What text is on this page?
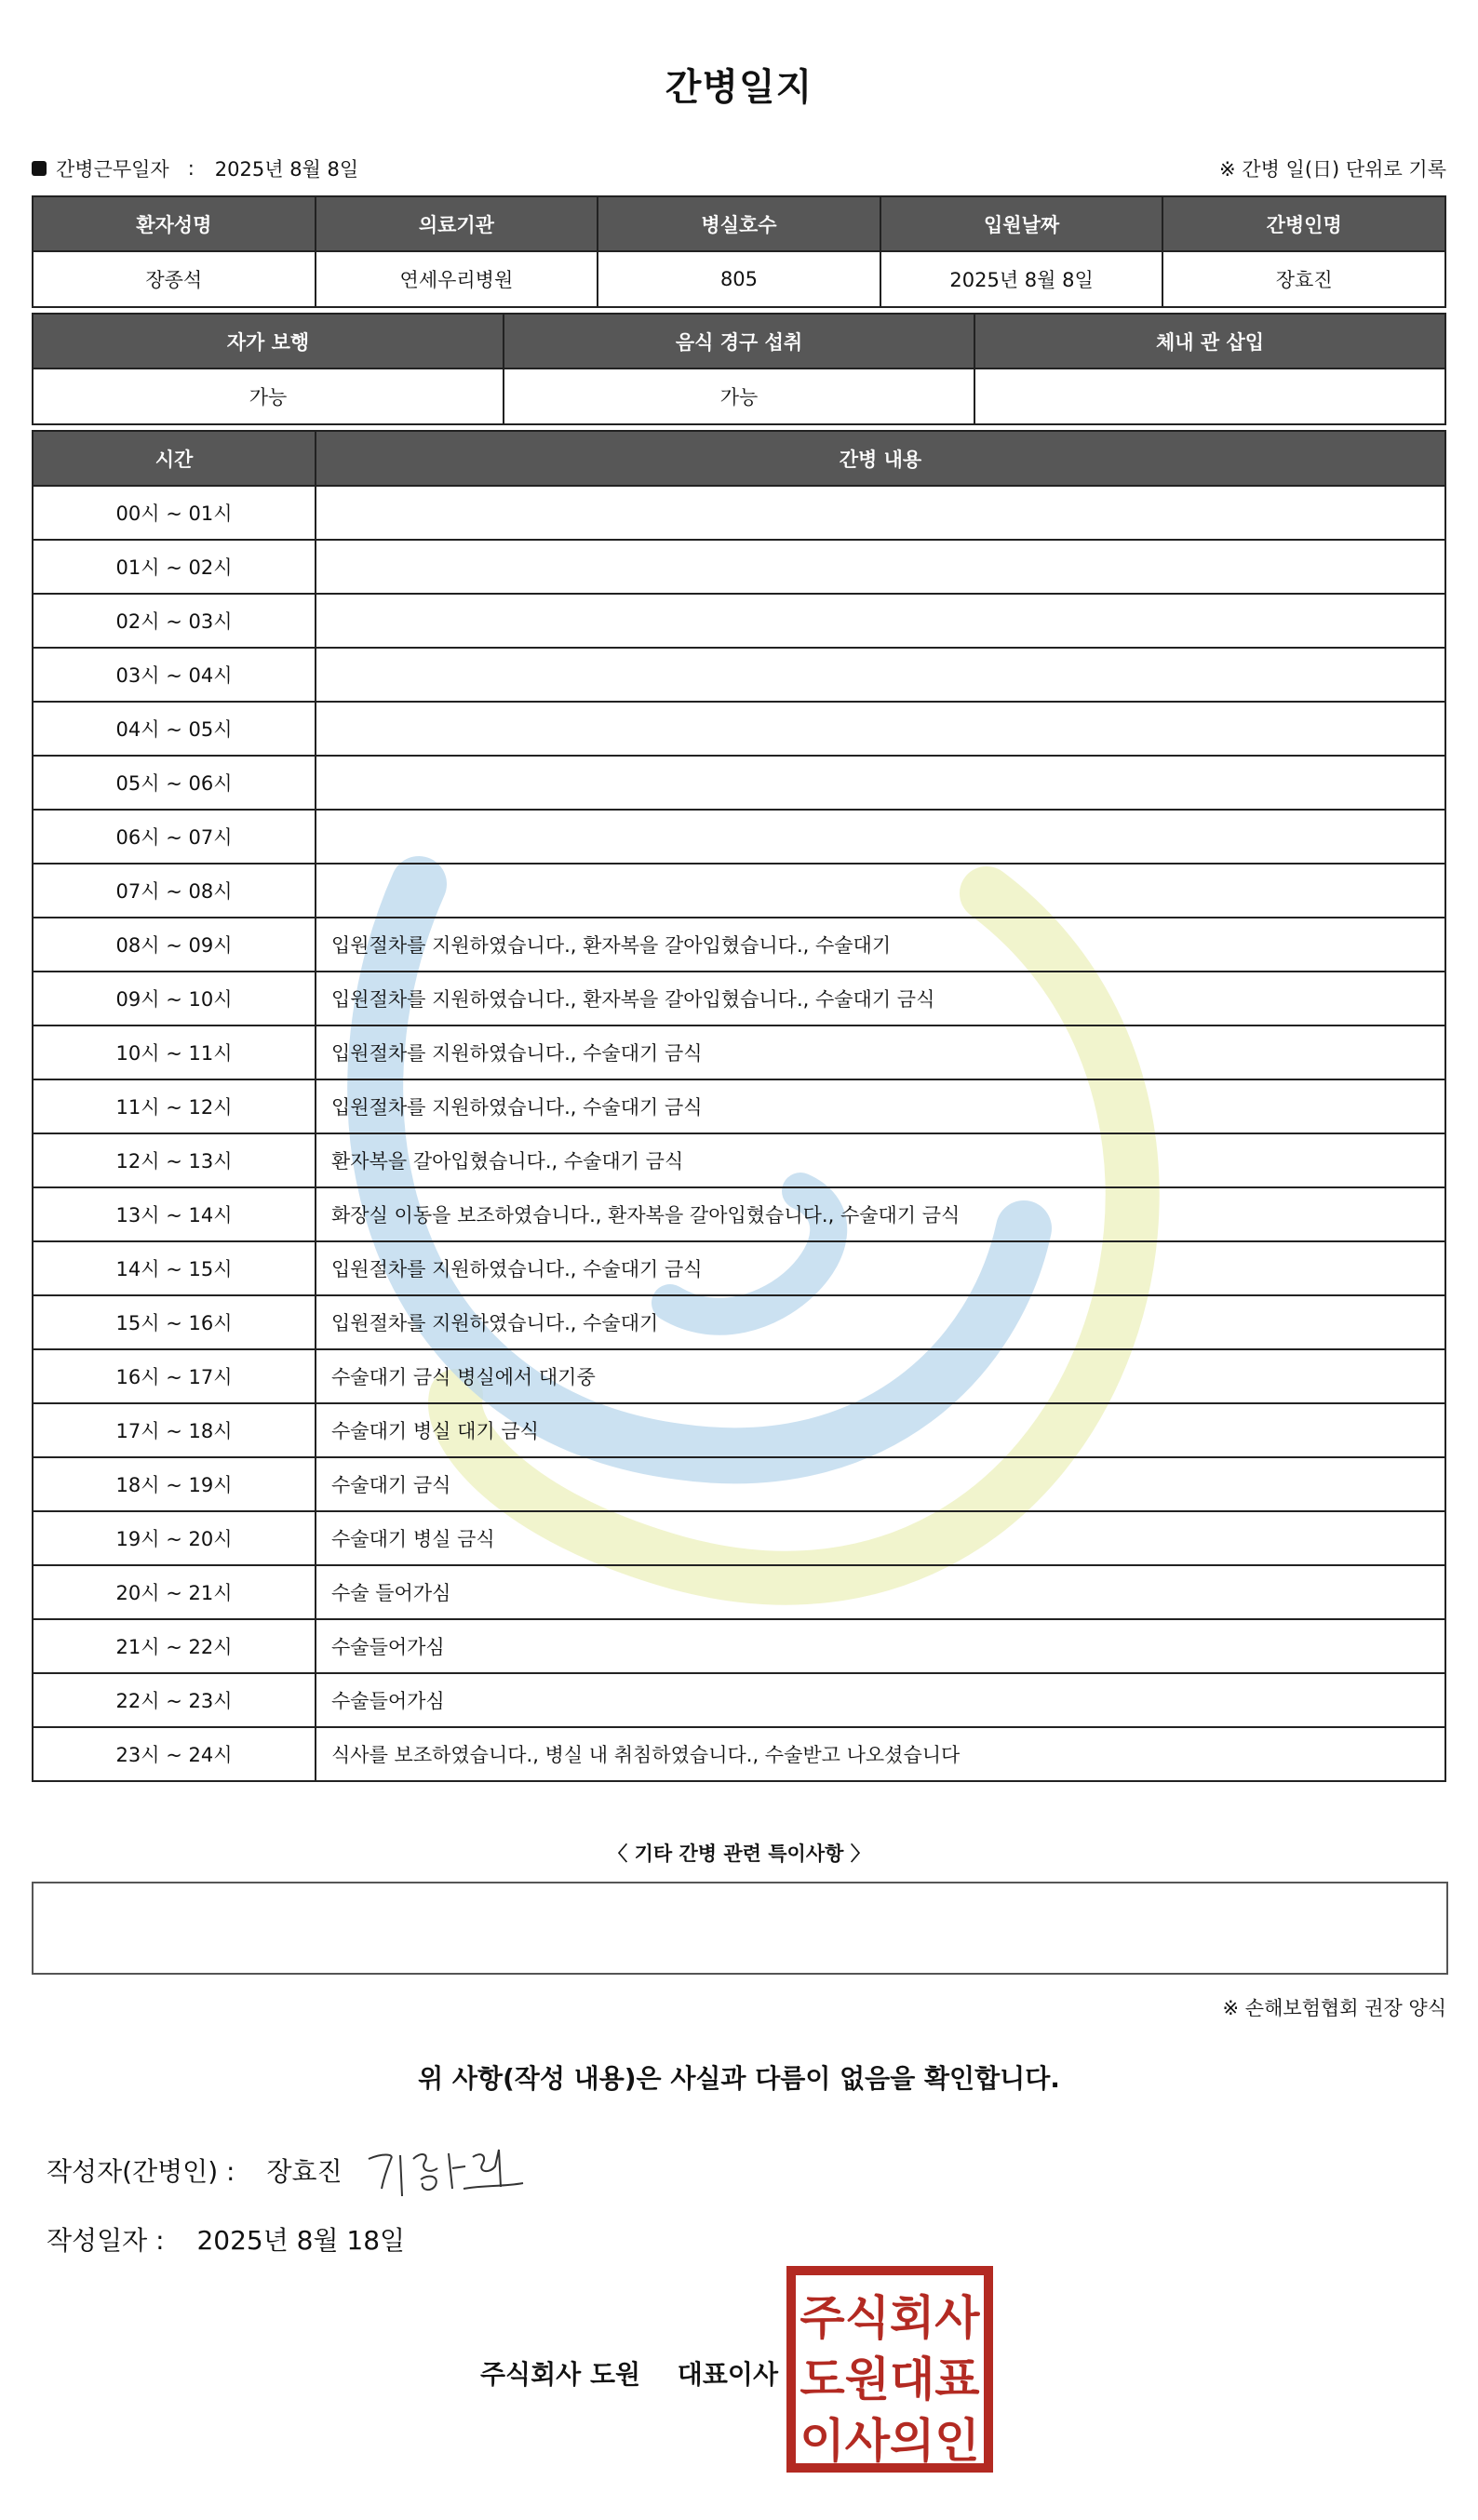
간병일지
간병근무일자 : 2025년 8월 8일	※ 간병 일(日) 단위로 기록
환자성명	의료기관	병실호수	입원날짜	간병인명
장종석	연세우리병원	805	2025년 8월 8일	장효진
자가 보행	음식 경구 섭취	체내 관 삽입
가능	가능	
시간	간병 내용
00시 ~ 01시	
01시 ~ 02시	
02시 ~ 03시	
03시 ~ 04시	
04시 ~ 05시	
05시 ~ 06시	
06시 ~ 07시	
07시 ~ 08시	
08시 ~ 09시	입원절차를 지원하였습니다., 환자복을 갈아입혔습니다., 수술대기
09시 ~ 10시	입원절차를 지원하였습니다., 환자복을 갈아입혔습니다., 수술대기 금식
10시 ~ 11시	입원절차를 지원하였습니다., 수술대기 금식
11시 ~ 12시	입원절차를 지원하였습니다., 수술대기 금식
12시 ~ 13시	환자복을 갈아입혔습니다., 수술대기 금식
13시 ~ 14시	화장실 이동을 보조하였습니다., 환자복을 갈아입혔습니다., 수술대기 금식
14시 ~ 15시	입원절차를 지원하였습니다., 수술대기 금식
15시 ~ 16시	입원절차를 지원하였습니다., 수술대기
16시 ~ 17시	수술대기 금식 병실에서 대기중
17시 ~ 18시	수술대기 병실 대기 금식
18시 ~ 19시	수술대기 금식
19시 ~ 20시	수술대기 병실 금식
20시 ~ 21시	수술 들어가심
21시 ~ 22시	수술들어가심
22시 ~ 23시	수술들어가심
23시 ~ 24시	식사를 보조하였습니다., 병실 내 취침하였습니다., 수술받고 나오셨습니다
〈 기타 간병 관련 특이사항 〉
※ 손해보험협회 권장 양식
위 사항(작성 내용)은 사실과 다름이 없음을 확인합니다.
작성자(간병인) : 장효진
작성일자 : 2025년 8월 18일
주식회사 도원 대표이사
주식회사
도원대표
이사의인
